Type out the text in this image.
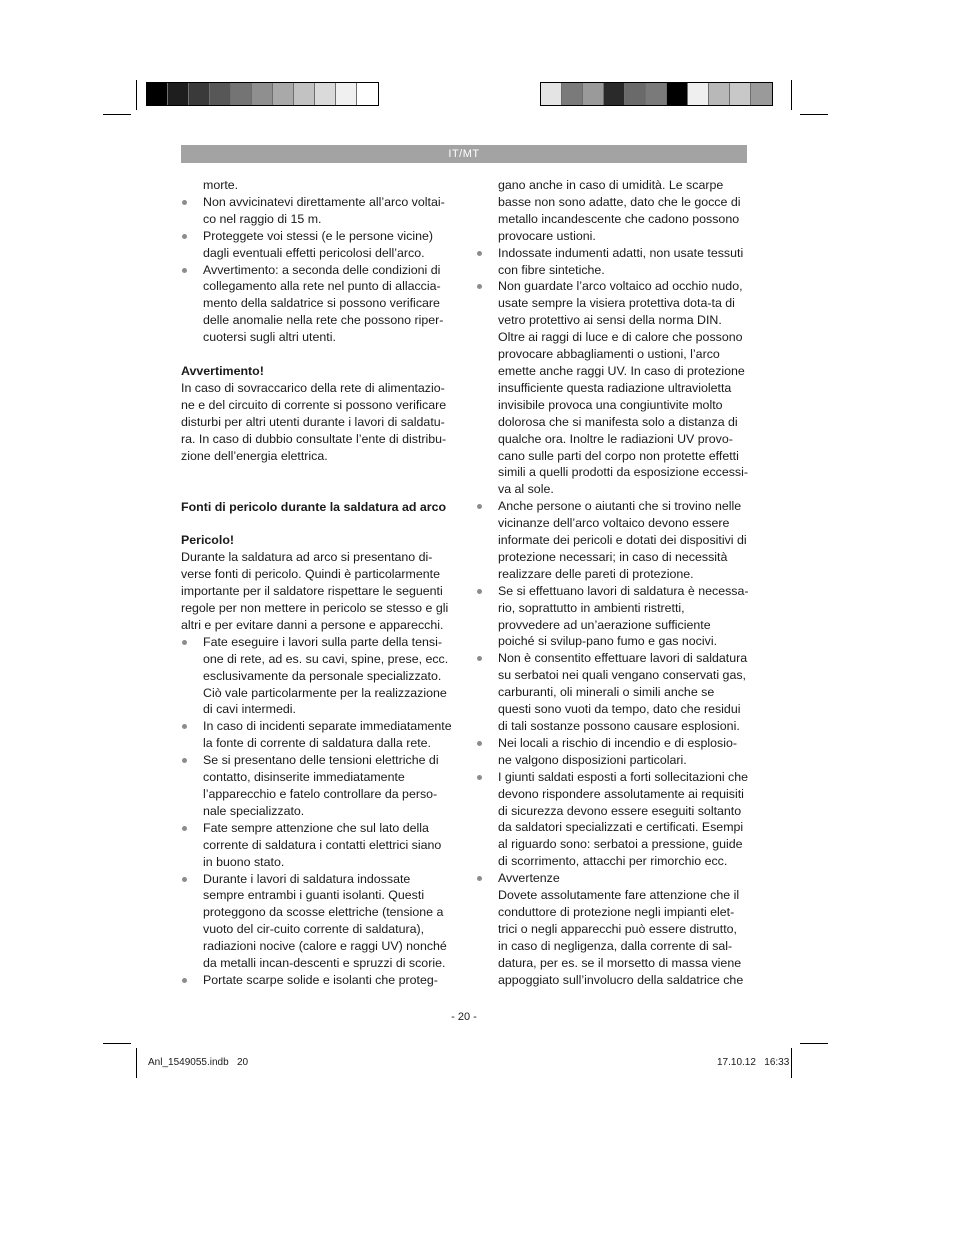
IT/MT

morte.

Non avvicinatevi direttamente all’arco voltai-co nel raggio di 15 m.
Proteggete voi stessi (e le persone vicine) dagli eventuali effetti pericolosi dell’arco.
Avvertimento: a seconda delle condizioni di collegamento alla rete nel punto di allaccia-mento della saldatrice si possono verificare delle anomalie nella rete che possono riper-cuotersi sugli altri utenti.

Avvertimento!

In caso di sovraccarico della rete di alimentazio-ne e del circuito di corrente si possono verificare disturbi per altri utenti durante i lavori di saldatu-ra. In caso di dubbio consultate l’ente di distribu-zione dell’energia elettrica.

Fonti di pericolo durante la saldatura ad arco

Pericolo!

Durante la saldatura ad arco si presentano di-verse fonti di pericolo. Quindi è particolarmente importante per il saldatore rispettare le seguenti regole per non mettere in pericolo se stesso e gli altri e per evitare danni a persone e apparecchi.

Fate eseguire i lavori sulla parte della tensi-one di rete, ad es. su cavi, spine, prese, ecc. esclusivamente da personale specializzato. Ciò vale particolarmente per la realizzazione di cavi intermedi.
In caso di incidenti separate immediatamente la fonte di corrente di saldatura dalla rete.
Se si presentano delle tensioni elettriche di contatto, disinserite immediatamente l’apparecchio e fatelo controllare da perso-nale specializzato.
Fate sempre attenzione che sul lato della corrente di saldatura i contatti elettrici siano in buono stato.
Durante i lavori di saldatura indossate sempre entrambi i guanti isolanti. Questi proteggono da scosse elettriche (tensione a vuoto del cir-cuito corrente di saldatura), radiazioni nocive (calore e raggi UV) nonché da metalli incan-descenti e spruzzi di scorie.
Portate scarpe solide e isolanti che proteg-

gano anche in caso di umidità. Le scarpe basse non sono adatte, dato che le gocce di metallo incandescente che cadono possono provocare ustioni.

Indossate indumenti adatti, non usate tessuti con fibre sintetiche.
Non guardate l’arco voltaico ad occhio nudo, usate sempre la visiera protettiva dota-ta di vetro protettivo ai sensi della norma DIN. Oltre ai raggi di luce e di calore che possono provocare abbagliamenti o ustioni, l’arco emette anche raggi UV. In caso di protezione insufficiente questa radiazione ultravioletta invisibile provoca una congiuntivite molto dolorosa che si manifesta solo a distanza di qualche ora. Inoltre le radiazioni UV provo-cano sulle parti del corpo non protette effetti simili a quelli prodotti da esposizione eccessi-va al sole.
Anche persone o aiutanti che si trovino nelle vicinanze dell’arco voltaico devono essere informate dei pericoli e dotati dei dispositivi di protezione necessari; in caso di necessità realizzare delle pareti di protezione.
Se si effettuano lavori di saldatura è necessa-rio, soprattutto in ambienti ristretti, provvedere ad un’aerazione sufficiente poiché si svilup-pano fumo e gas nocivi.
Non è consentito effettuare lavori di saldatura su serbatoi nei quali vengano conservati gas, carburanti, oli minerali o simili anche se questi sono vuoti da tempo, dato che residui di tali sostanze possono causare esplosioni.
Nei locali a rischio di incendio e di esplosio-ne valgono disposizioni particolari.
I giunti saldati esposti a forti sollecitazioni che devono rispondere assolutamente ai requisiti di sicurezza devono essere eseguiti soltanto da saldatori specializzati e certificati. Esempi al riguardo sono: serbatoi a pressione, guide di scorrimento, attacchi per rimorchio ecc.
Avvertenze
Dovete assolutamente fare attenzione che il conduttore di protezione negli impianti elet-trici o negli apparecchi può essere distrutto, in caso di negligenza, dalla corrente di sal-datura, per es. se il morsetto di massa viene appoggiato sull’involucro della saldatrice che
- 20 -
Anl_1549055.indb   20	17.10.12   16:33
